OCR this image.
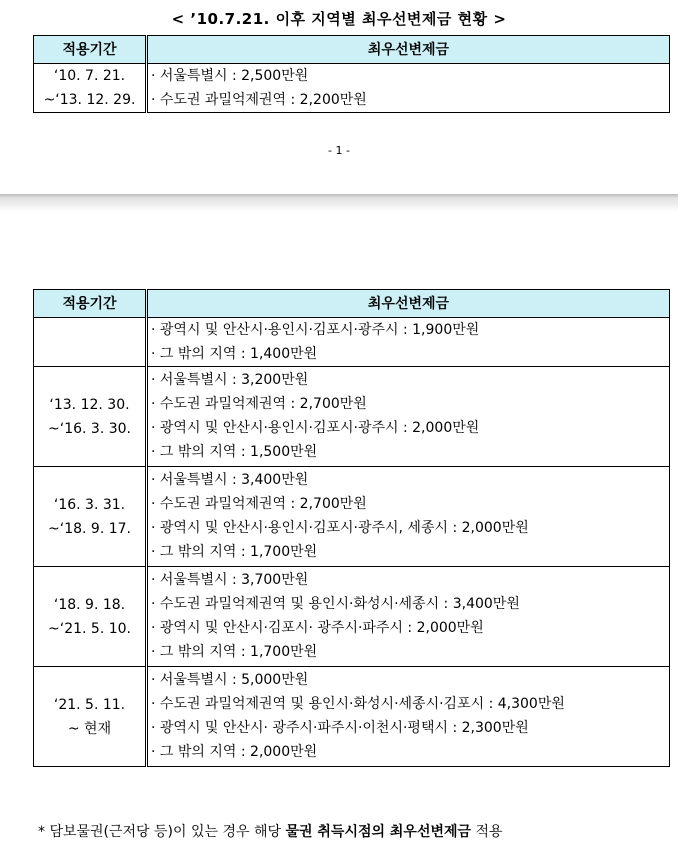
< ’10.7.21. 이후 지역별 최우선변제금 현황 >
적용기간	최우선변제금

‘10. 7. 21.
~‘13. 12. 29.	· 서울특별시 : 2,500만원
· 수도권 과밀억제권역 : 2,200만원
- 1 -
적용기간	최우선변제금

	· 광역시 및 안산시·용인시·김포시·광주시 : 1,900만원
· 그 밖의 지역 : 1,400만원

‘13. 12. 30.
~‘16. 3. 30.	· 서울특별시 : 3,200만원
· 수도권 과밀억제권역 : 2,700만원
· 광역시 및 안산시·용인시·김포시·광주시 : 2,000만원
· 그 밖의 지역 : 1,500만원

‘16. 3. 31.
~‘18. 9. 17.	· 서울특별시 : 3,400만원
· 수도권 과밀억제권역 : 2,700만원
· 광역시 및 안산시·용인시·김포시·광주시, 세종시 : 2,000만원
· 그 밖의 지역 : 1,700만원

‘18. 9. 18.
~‘21. 5. 10.	· 서울특별시 : 3,700만원
· 수도권 과밀억제권역 및 용인시·화성시·세종시 : 3,400만원
· 광역시 및 안산시·김포시· 광주시·파주시 : 2,000만원
· 그 밖의 지역 : 1,700만원

‘21. 5. 11.
~ 현재	· 서울특별시 : 5,000만원
· 수도권 과밀억제권역 및 용인시·화성시·세종시·김포시 : 4,300만원
· 광역시 및 안산시· 광주시·파주시·이천시·평택시 : 2,300만원
· 그 밖의 지역 : 2,000만원
* 담보물권(근저당 등)이 있는 경우 해당 물권 취득시점의 최우선변제금 적용
